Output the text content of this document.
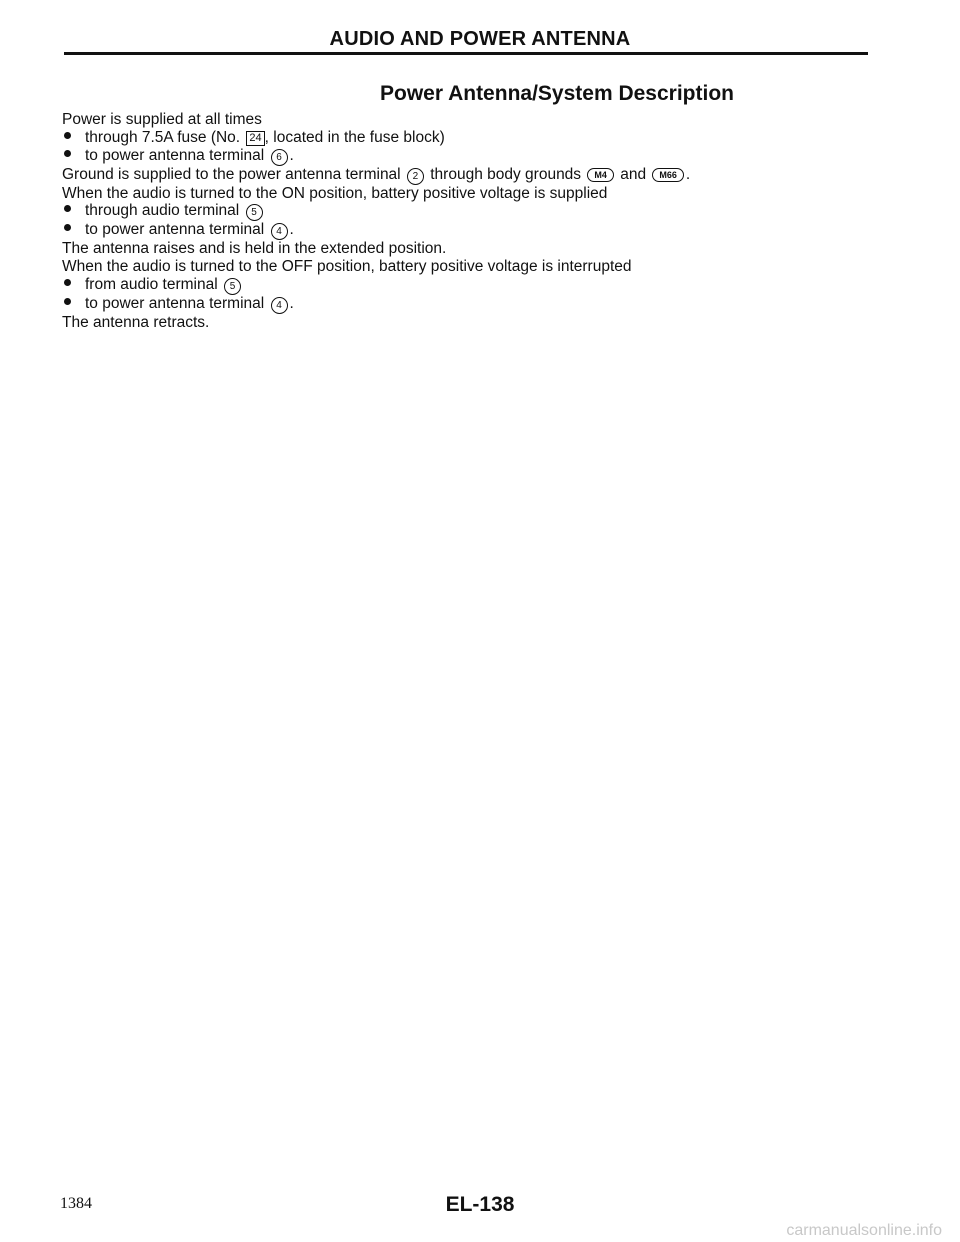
AUDIO AND POWER ANTENNA
Power Antenna/System Description
Power is supplied at all times
through 7.5A fuse (No. 24 , located in the fuse block)
to power antenna terminal 6 .
Ground is supplied to the power antenna terminal 2 through body grounds M4 and M66 .
When the audio is turned to the ON position, battery positive voltage is supplied
through audio terminal 5
to power antenna terminal 4 .
The antenna raises and is held in the extended position.
When the audio is turned to the OFF position, battery positive voltage is interrupted
from audio terminal 5
to power antenna terminal 4 .
The antenna retracts.
1384	EL-138
carmanualsonline.info
